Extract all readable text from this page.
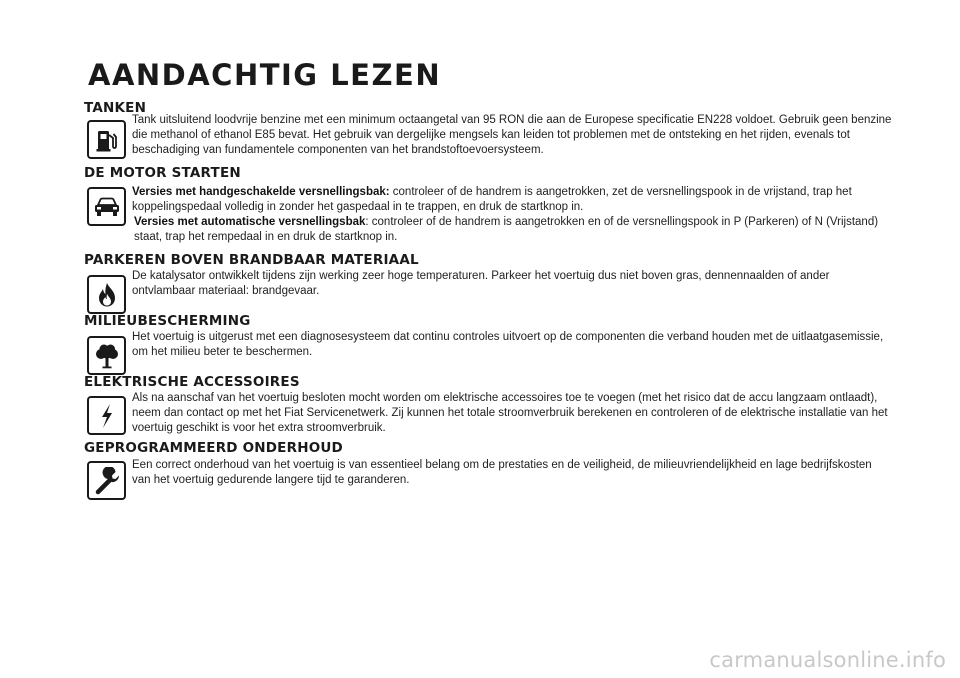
AANDACHTIG LEZEN
TANKEN

Tank uitsluitend loodvrije benzine met een minimum octaangetal van 95 RON die aan de Europese specificatie EN228 voldoet. Gebruik geen benzine die methanol of ethanol E85 bevat. Het gebruik van dergelijke mengsels kan leiden tot problemen met de ontsteking en het rijden, evenals tot beschadiging van fundamentele componenten van het brandstoftoevoersysteem.

DE MOTOR STARTEN

Versies met handgeschakelde versnellingsbak: controleer of de handrem is aangetrokken, zet de versnellingspook in de vrijstand, trap het koppelingspedaal volledig in zonder het gaspedaal in te trappen, en druk de startknop in.

Versies met automatische versnellingsbak: controleer of de handrem is aangetrokken en of de versnellingspook in P (Parkeren) of N (Vrijstand) staat, trap het rempedaal in en druk de startknop in.

PARKEREN BOVEN BRANDBAAR MATERIAAL

De katalysator ontwikkelt tijdens zijn werking zeer hoge temperaturen. Parkeer het voertuig dus niet boven gras, dennennaalden of ander ontvlambaar materiaal: brandgevaar.

MILIEUBESCHERMING

Het voertuig is uitgerust met een diagnosesysteem dat continu controles uitvoert op de componenten die verband houden met de uitlaatgasemissie, om het milieu beter te beschermen.

ELEKTRISCHE ACCESSOIRES

Als na aanschaf van het voertuig besloten mocht worden om elektrische accessoires toe te voegen (met het risico dat de accu langzaam ontlaadt), neem dan contact op met het Fiat Servicenetwerk. Zij kunnen het totale stroomverbruik berekenen en controleren of de elektrische installatie van het voertuig geschikt is voor het extra stroomverbruik.

GEPROGRAMMEERD ONDERHOUD

Een correct onderhoud van het voertuig is van essentieel belang om de prestaties en de veiligheid, de milieuvriendelijkheid en lage bedrijfskosten van het voertuig gedurende langere tijd te garanderen.

carmanualsonline.info
